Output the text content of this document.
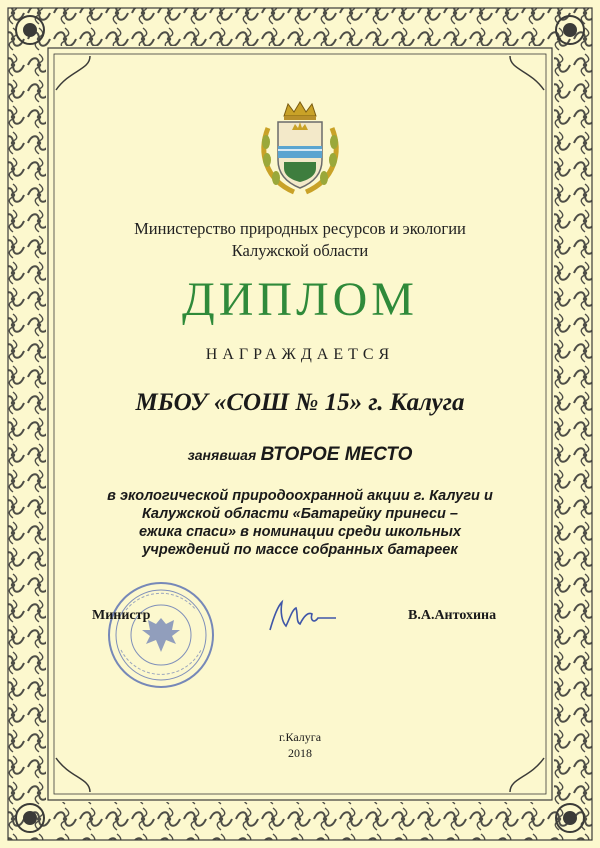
Министерство природных ресурсов и экологии
Калужской области
ДИПЛОМ
НАГРАЖДАЕТСЯ
МБОУ «СОШ № 15» г. Калуга
занявшая ВТОРОЕ МЕСТО
в экологической природоохранной акции г. Калуги и
Калужской области «Батарейку принеси –
ежика спаси» в номинации среди школьных
учреждений по массе собранных батареек
Министр	В.А.Антохина
г.Калуга
2018
